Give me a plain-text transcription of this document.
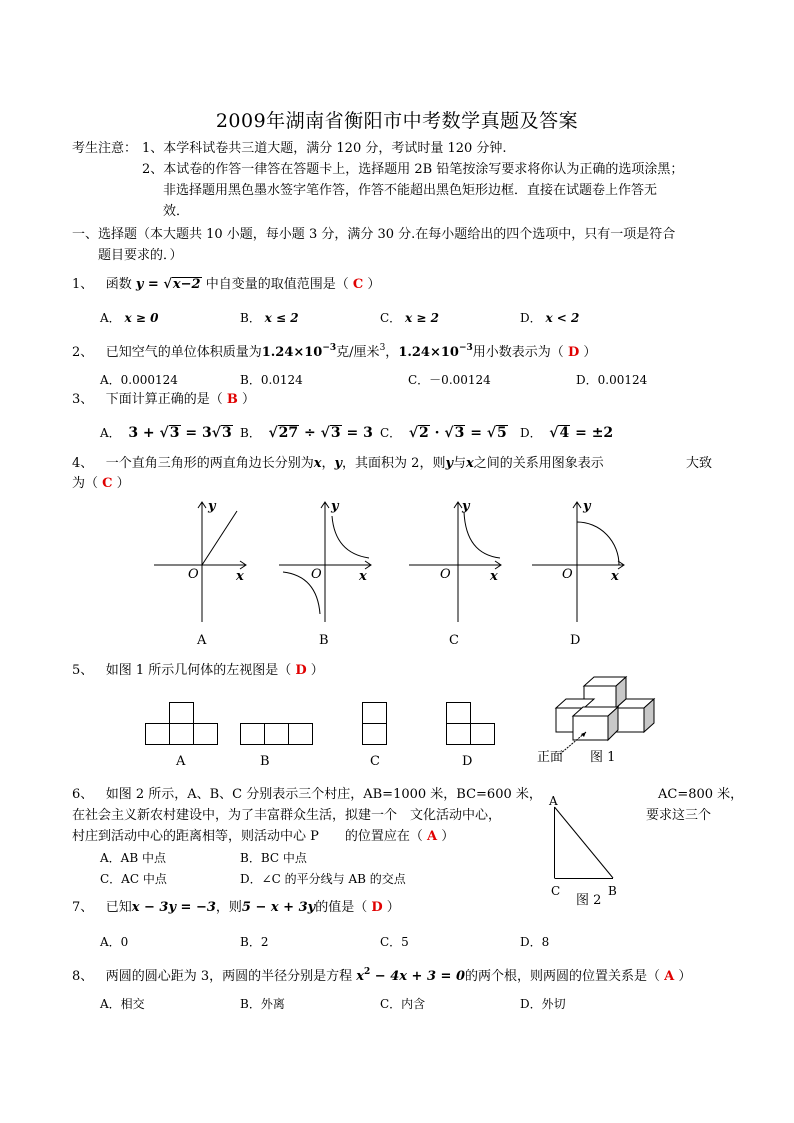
2009年湖南省衡阳市中考数学真题及答案
考生注意： 1、本学科试卷共三道大题，满分 120 分，考试时量 120 分钟.
2、本试卷的作答一律答在答题卡上，选择题用 2B 铅笔按涂写要求将你认为正确的选项涂黑；
非选择题用黑色墨水签字笔作答，作答不能超出黑色矩形边框．直接在试题卷上作答无
效．
一、选择题（本大题共 10 小题，每小题 3 分，满分 30 分.在每小题给出的四个选项中，只有一项是符合
题目要求的．）
1、 函数 y = √x−2 中自变量的取值范围是（ C ）
A． x ≥ 0	B． x ≤ 2	C． x ≥ 2	D． x < 2
2、 已知空气的单位体积质量为$1.24\times 10^{-3}$克/厘米$^3$，$1.24\times 10^{-3}$用小数表示为（ D ）
A．0.000124	B．0.0124	C．－0.00124	D．0.00124
3、 下面计算正确的是（ B ）
A． 3 + √3 = 3√3 B． √27 ÷ √3 = 3 C． √2 · √3 = √5 D． √4 = ±2
4、 一个直角三角形的两直角边长分别为x，y，其面积为 2，则y与x之间的关系用图象表示	大致
为（ C ）
y
x
O
A
y
x
O
B
y
x
O
C
y
x
O
D
5、 如图 1 所示几何体的左视图是（ D ）
A	B	C	D	正面 图 1
6、 如图 2 所示，A、B、C 分别表示三个村庄，AB=1000 米，BC=600 米，	AC=800 米，
在社会主义新农村建设中，为了丰富群众生活，拟建一个　文化活动中心，	要求这三个
村庄到活动中心的距离相等，则活动中心 P　　的位置应在（ A ）
A．AB 中点	B．BC 中点
C．AC 中点	D．∠C 的平分线与 AB 的交点
A
C	B
图 2
7、 已知x − 3y = −3，则5 − x + 3y的值是（ D ）
A．0	B．2	C．5	D．8
8、 两圆的圆心距为 3，两圆的半径分别是方程 $x^2 - 4x + 3 = 0$的两个根，则两圆的位置关系是（ A ）
A．相交	B．外离	C．内含	D．外切
